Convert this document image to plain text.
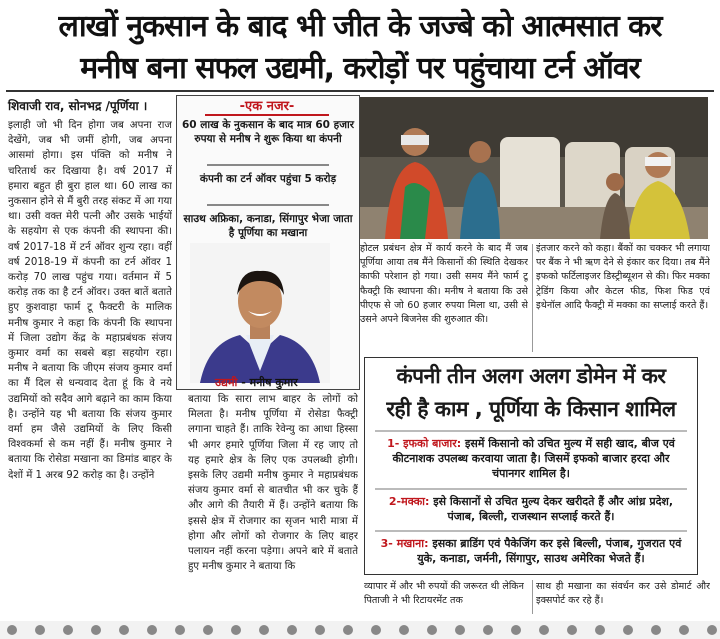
लाखों नुकसान के बाद भी जीत के जज्बे को आत्मसात कर
मनीष बना सफल उद्यमी, करोड़ों पर पहुंचाया टर्न ऑवर
शिवाजी राव, सोनभद्र /पूर्णिया ।

इलाही जो भी दिन होगा जब अपना राज देखेंगे, जब भी जमीं होगी, जब अपना आसमां होगा। इस पंक्ति को मनीष ने चरितार्थ कर दिखाया है। वर्ष 2017 में हमारा बहुत ही बुरा हाल था। 60 लाख का नुकसान होने से मैं बुरी तरह संकट में आ गया था। उसी वक्त मेरी पत्नी और उसके भाईयों के सहयोग से एक कंपनी की स्थापना की। वर्ष 2017-18 में टर्न ऑवर शुन्य रहा। वहीं वर्ष 2018-19 में कंपनी का टर्न ऑवर 1 करोड़ 70 लाख पहुंच गया। वर्तमान में 5 करोड़ तक का है टर्न ऑवर। उक्त बातें बताते हुए कुशवाहा फार्म टू फैक्टरी के मालिक मनीष कुमार ने कहा कि कंपनी कि स्थापना में जिला उद्योग केंद्र के महाप्रबंधक संजय कुमार वर्मा का सबसे बड़ा सहयोग रहा। मनीष ने बताया कि जीएम संजय कुमार वर्मा का मैं दिल से धन्यवाद देता हूं कि वे नये उद्यमियों को सदैव आगे बढ़ाने का काम किया है। उन्होंने यह भी बताया कि संजय कुमार वर्मा हम जैसे उद्यमियों के लिए किसी विश्वकर्मा से कम नहीं हैं। मनीष कुमार ने बताया कि रोसेडा मखाना का डिमांड बाहर के देशों में 1 अरब 92 करोड़ का है। उन्होंने

-एक नजर-
60 लाख के नुकसान के बाद मात्र 60 हजार रुपया से मनीष ने शुरू किया था कंपनी
कंपनी का टर्न ऑवर पहुंचा 5 करोड़
साउथ अफ्रिका, कनाडा, सिंगापुर भेजा जाता है पूर्णिया का मखाना
उद्यमी - मनीष कुमार

बताया कि सारा लाभ बाहर के लोगों को मिलता है। मनीष पूर्णिया में रोसेडा फैक्ट्री लगाना चाहते हैं। ताकि रेवेन्यु का आधा हिस्सा भी अगर हमारे पूर्णिया जिला में रह जाए तो यह हमारे क्षेत्र के लिए एक उपलब्धी होगी। इसके लिए उद्यमी मनीष कुमार ने महाप्रबंधक संजय कुमार वर्मा से बातचीत भी कर चुके हैं और आगे की तैयारी में हैं। उन्होंने बताया कि इससे क्षेत्र में रोजगार का सृजन भारी मात्रा में होगा और लोगों को रोजगार के लिए बाहर पलायन नहीं करना पड़ेगा। अपने बारे में बताते हुए मनीष कुमार ने बताया कि

होटल प्रबंधन क्षेत्र में कार्य करने के बाद मैं जब पूर्णिया आया तब मैंने किसानों की स्थिति देखकर काफी परेशान हो गया। उसी समय मैंने फार्म टू फैक्ट्री कि स्थापना की। मनीष ने बताया कि उसे पीएफ से जो 60 हजार रुपया मिला था, उसी से उसने अपने बिजनेस की शुरुआत की।

इंतजार करने को कहा। बैंकों का चक्कर भी लगाया पर बैंक ने भी ऋण देने से इंकार कर दिया। तब मैंने इफको फर्टिलाइजर डिस्ट्रीब्यूशन से की। फिर मक्का ट्रेडिंग किया और केटल फीड, फिश फिड एवं इथेनॉल आदि फैक्ट्री में मक्का का सप्लाई करते हैं।

कंपनी तीन अलग अलग डोमेन में कर
रही है काम , पूर्णिया के किसान शामिल
1- इफको बाजार: इसमें किसानो को उचित मुल्य में सही खाद, बीज एवं कीटनाशक उपलब्ध करवाया जाता है। जिसमें इफको बाजार हरदा और चंपानगर शामिल है।
2-मक्का: इसे किसानों से उचित मुल्य देकर खरीदते हैं और आंध्र प्रदेश, पंजाब, बिल्ली, राजस्थान सप्लाई करते हैं।
3- मखाना: इसका ब्राडिंग एवं पैकेजिंग कर इसे बिल्ली, पंजाब, गुजरात एवं युके, कनाडा, जर्मनी, सिंगापुर, साउथ अमेरिका भेजते हैं।
व्यापार में और भी रुपयों की जरूरत थी लेकिन पिताजी ने भी रिटायरमेंट तक
साथ ही मखाना का संवर्धन कर उसे डोमार्ट और इक्सपोर्ट कर रहे हैं।
